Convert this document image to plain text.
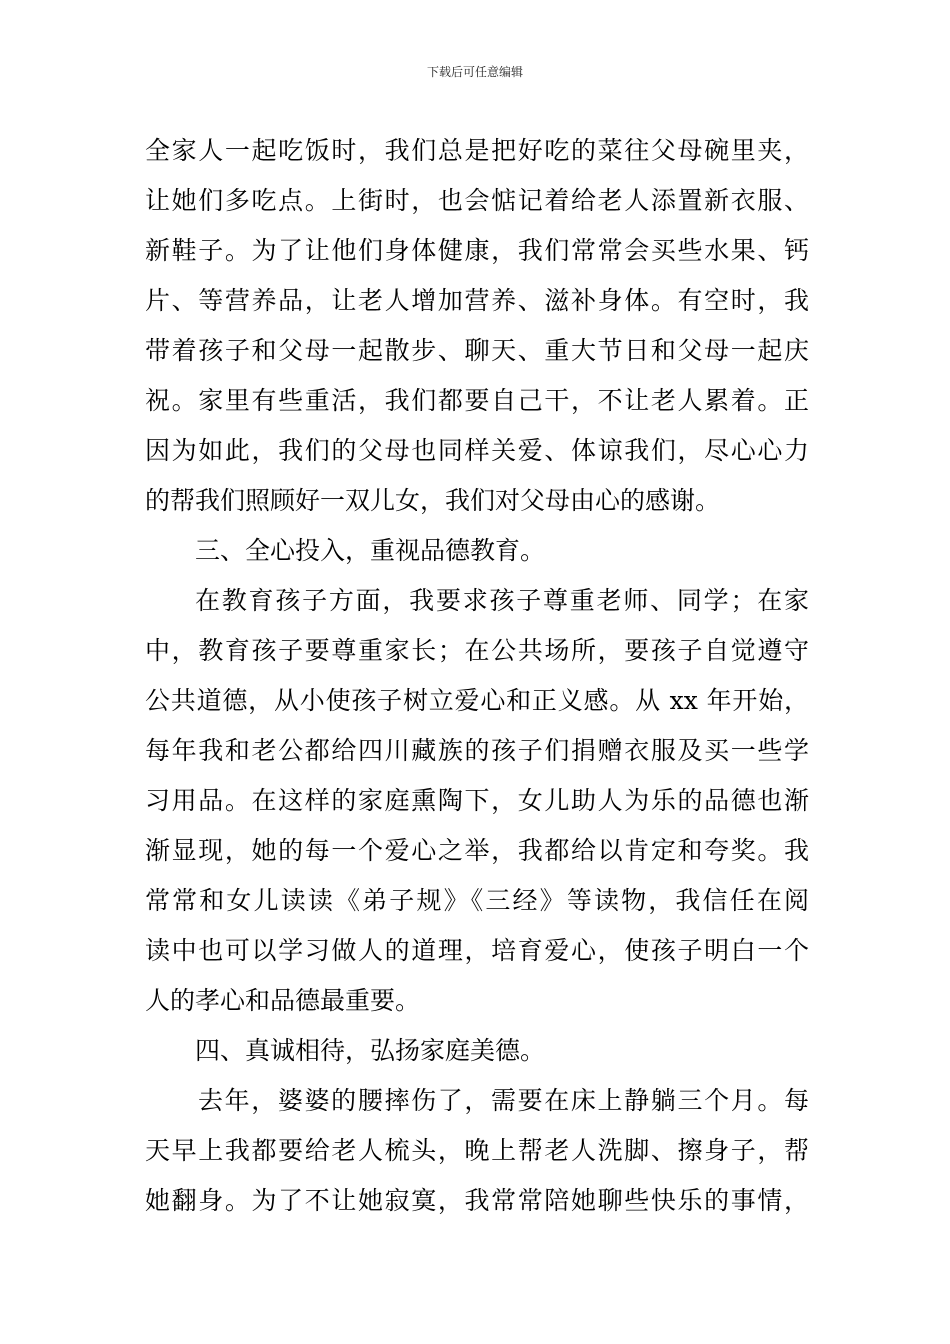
下载后可任意编辑
全家人一起吃饭时，我们总是把好吃的菜往父母碗里夹，
让她们多吃点。上街时，也会惦记着给老人添置新衣服、
新鞋子。为了让他们身体健康，我们常常会买些水果、钙
片、等营养品，让老人增加营养、滋补身体。有空时，我
带着孩子和父母一起散步、聊天、重大节日和父母一起庆
祝。家里有些重活，我们都要自己干，不让老人累着。正
因为如此，我们的父母也同样关爱、体谅我们，尽心心力
的帮我们照顾好一双儿女，我们对父母由心的感谢。
三、全心投入，重视品德教育。
在教育孩子方面，我要求孩子尊重老师、同学；在家
中，教育孩子要尊重家长；在公共场所，要孩子自觉遵守
公共道德，从小使孩子树立爱心和正义感。从 xx 年开始，
每年我和老公都给四川藏族的孩子们捐赠衣服及买一些学
习用品。在这样的家庭熏陶下，女儿助人为乐的品德也渐
渐显现，她的每一个爱心之举，我都给以肯定和夸奖。我
常常和女儿读读《弟子规》《三经》等读物，我信任在阅
读中也可以学习做人的道理，培育爱心，使孩子明白一个
人的孝心和品德最重要。
四、真诚相待，弘扬家庭美德。
去年，婆婆的腰摔伤了，需要在床上静躺三个月。每
天早上我都要给老人梳头，晚上帮老人洗脚、擦身子，帮
她翻身。为了不让她寂寞，我常常陪她聊些快乐的事情，
